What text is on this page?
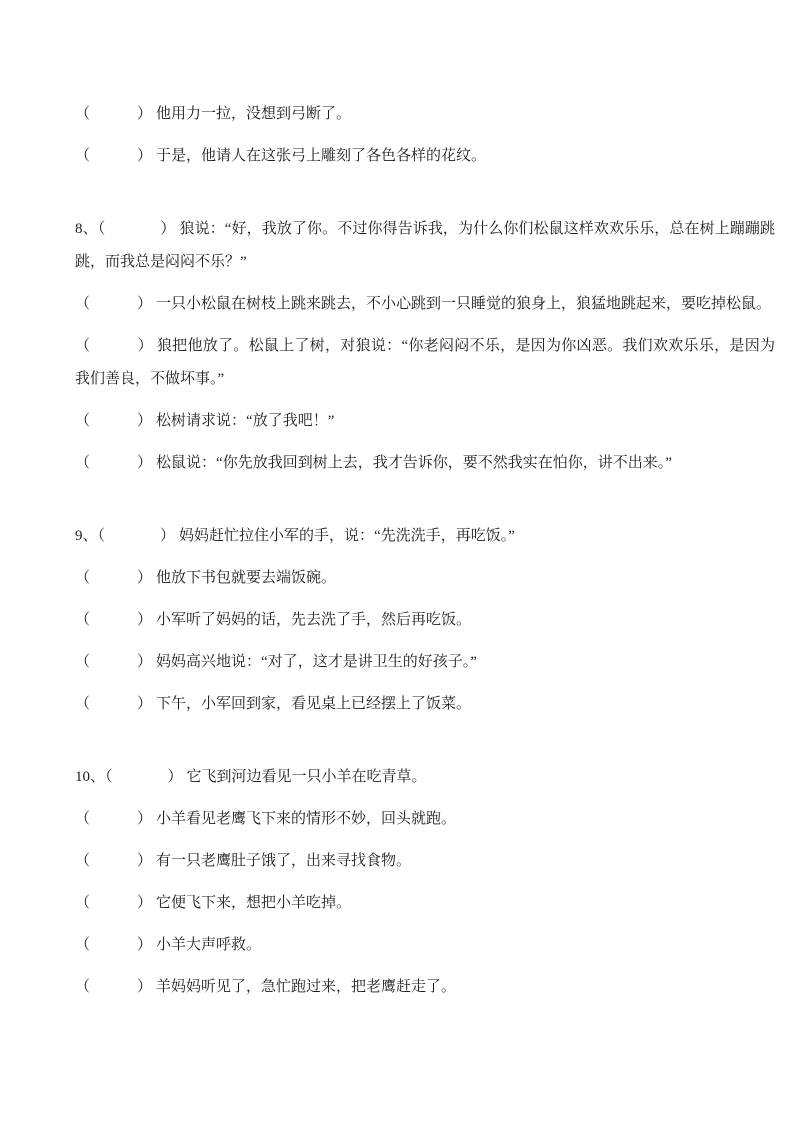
（	） 他用力一拉，没想到弓断了。

（	） 于是，他请人在这张弓上雕刻了各色各样的花纹。

8、（	） 狼说：“好，我放了你。不过你得告诉我，为什么你们松鼠这样欢欢乐乐，总在树上蹦蹦跳跳，而我总是闷闷不乐？”

（	） 一只小松鼠在树枝上跳来跳去，不小心跳到一只睡觉的狼身上，狼猛地跳起来，要吃掉松鼠。

（	） 狼把他放了。松鼠上了树，对狼说：“你老闷闷不乐，是因为你凶恶。我们欢欢乐乐，是因为我们善良，不做坏事。”

（	） 松树请求说：“放了我吧！”

（	） 松鼠说：“你先放我回到树上去，我才告诉你，要不然我实在怕你，讲不出来。”

9、（	） 妈妈赶忙拉住小军的手，说：“先洗洗手，再吃饭。”

（	） 他放下书包就要去端饭碗。

（	） 小军听了妈妈的话，先去洗了手，然后再吃饭。

（	） 妈妈高兴地说：“对了，这才是讲卫生的好孩子。”

（	） 下午，小军回到家，看见桌上已经摆上了饭菜。

10、（	） 它飞到河边看见一只小羊在吃青草。

（	） 小羊看见老鹰飞下来的情形不妙，回头就跑。

（	） 有一只老鹰肚子饿了，出来寻找食物。

（	） 它便飞下来，想把小羊吃掉。

（	） 小羊大声呼救。

（	） 羊妈妈听见了，急忙跑过来，把老鹰赶走了。
